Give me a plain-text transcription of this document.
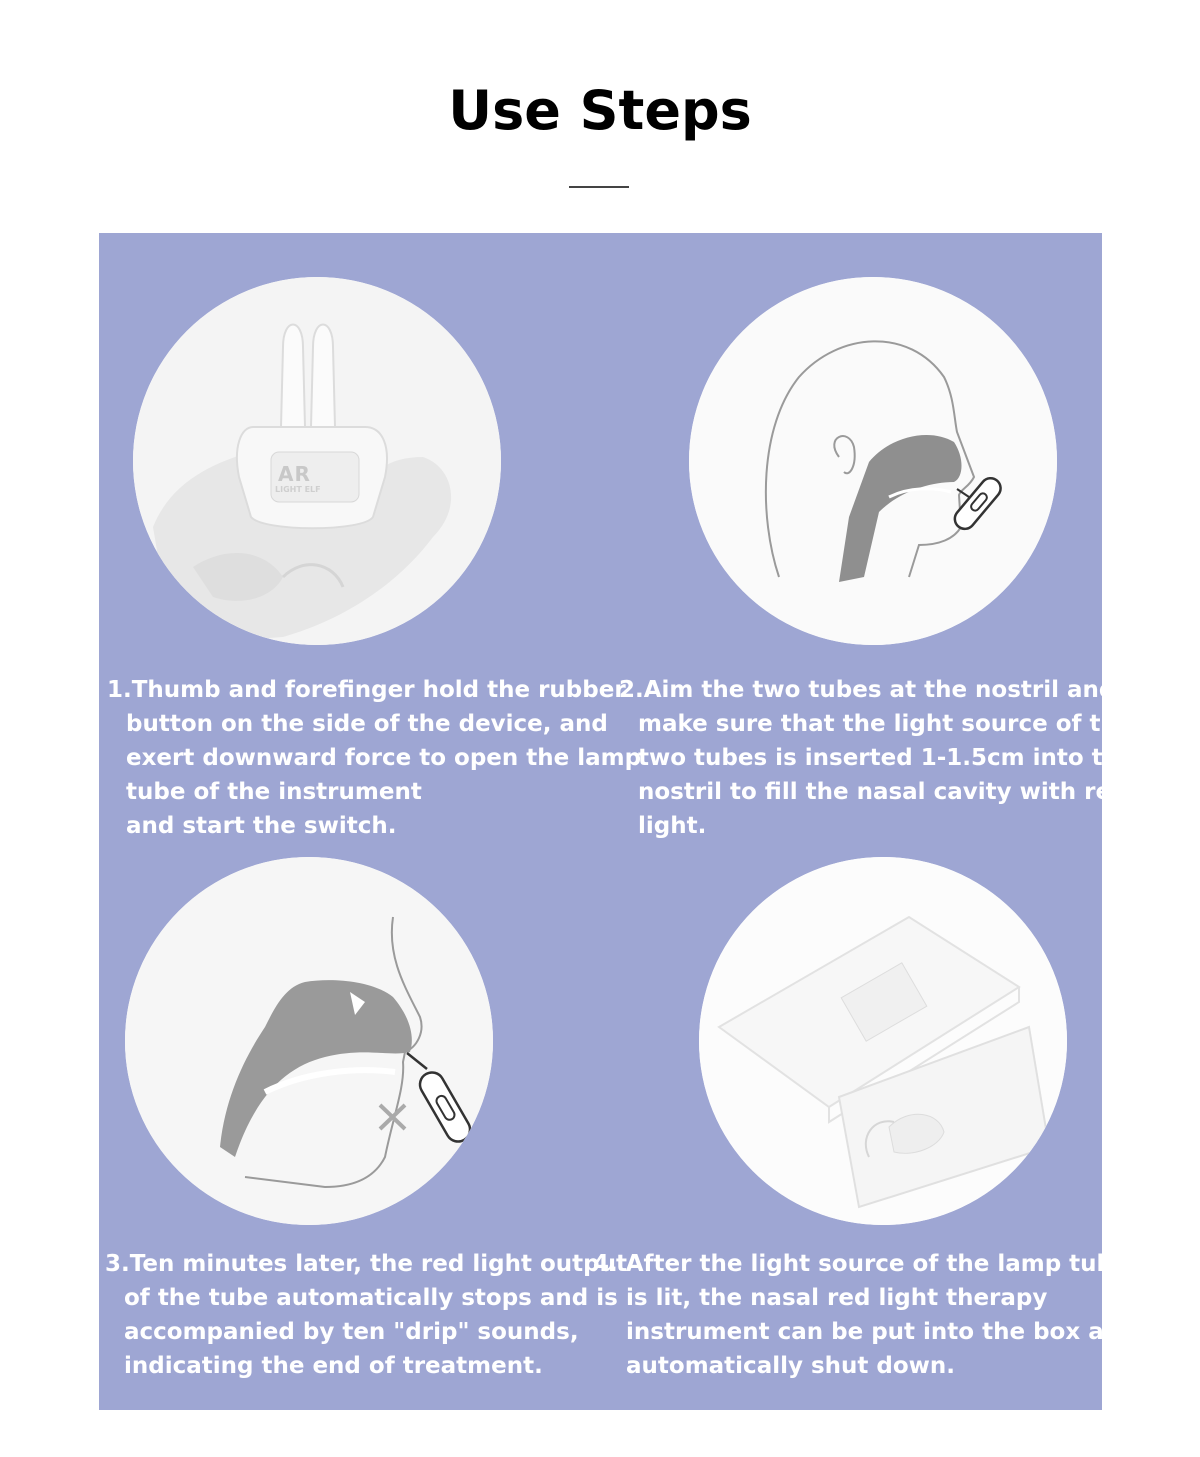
Use Steps
AR
LIGHT ELF
1.Thumb and forefinger hold the rubber
button on the side of the device, and
exert downward force to open the lamp
tube of the instrument
and start the switch.
2.Aim the two tubes at the nostril and
make sure that the light source of the
two tubes is inserted 1-1.5cm into the
nostril to fill the nasal cavity with red
light.
3.Ten minutes later, the red light output
of the tube automatically stops and is
accompanied by ten "drip" sounds,
indicating the end of treatment.
4. After the light source of the lamp tube
is lit, the nasal red light therapy
instrument can be put into the box and
automatically shut down.
